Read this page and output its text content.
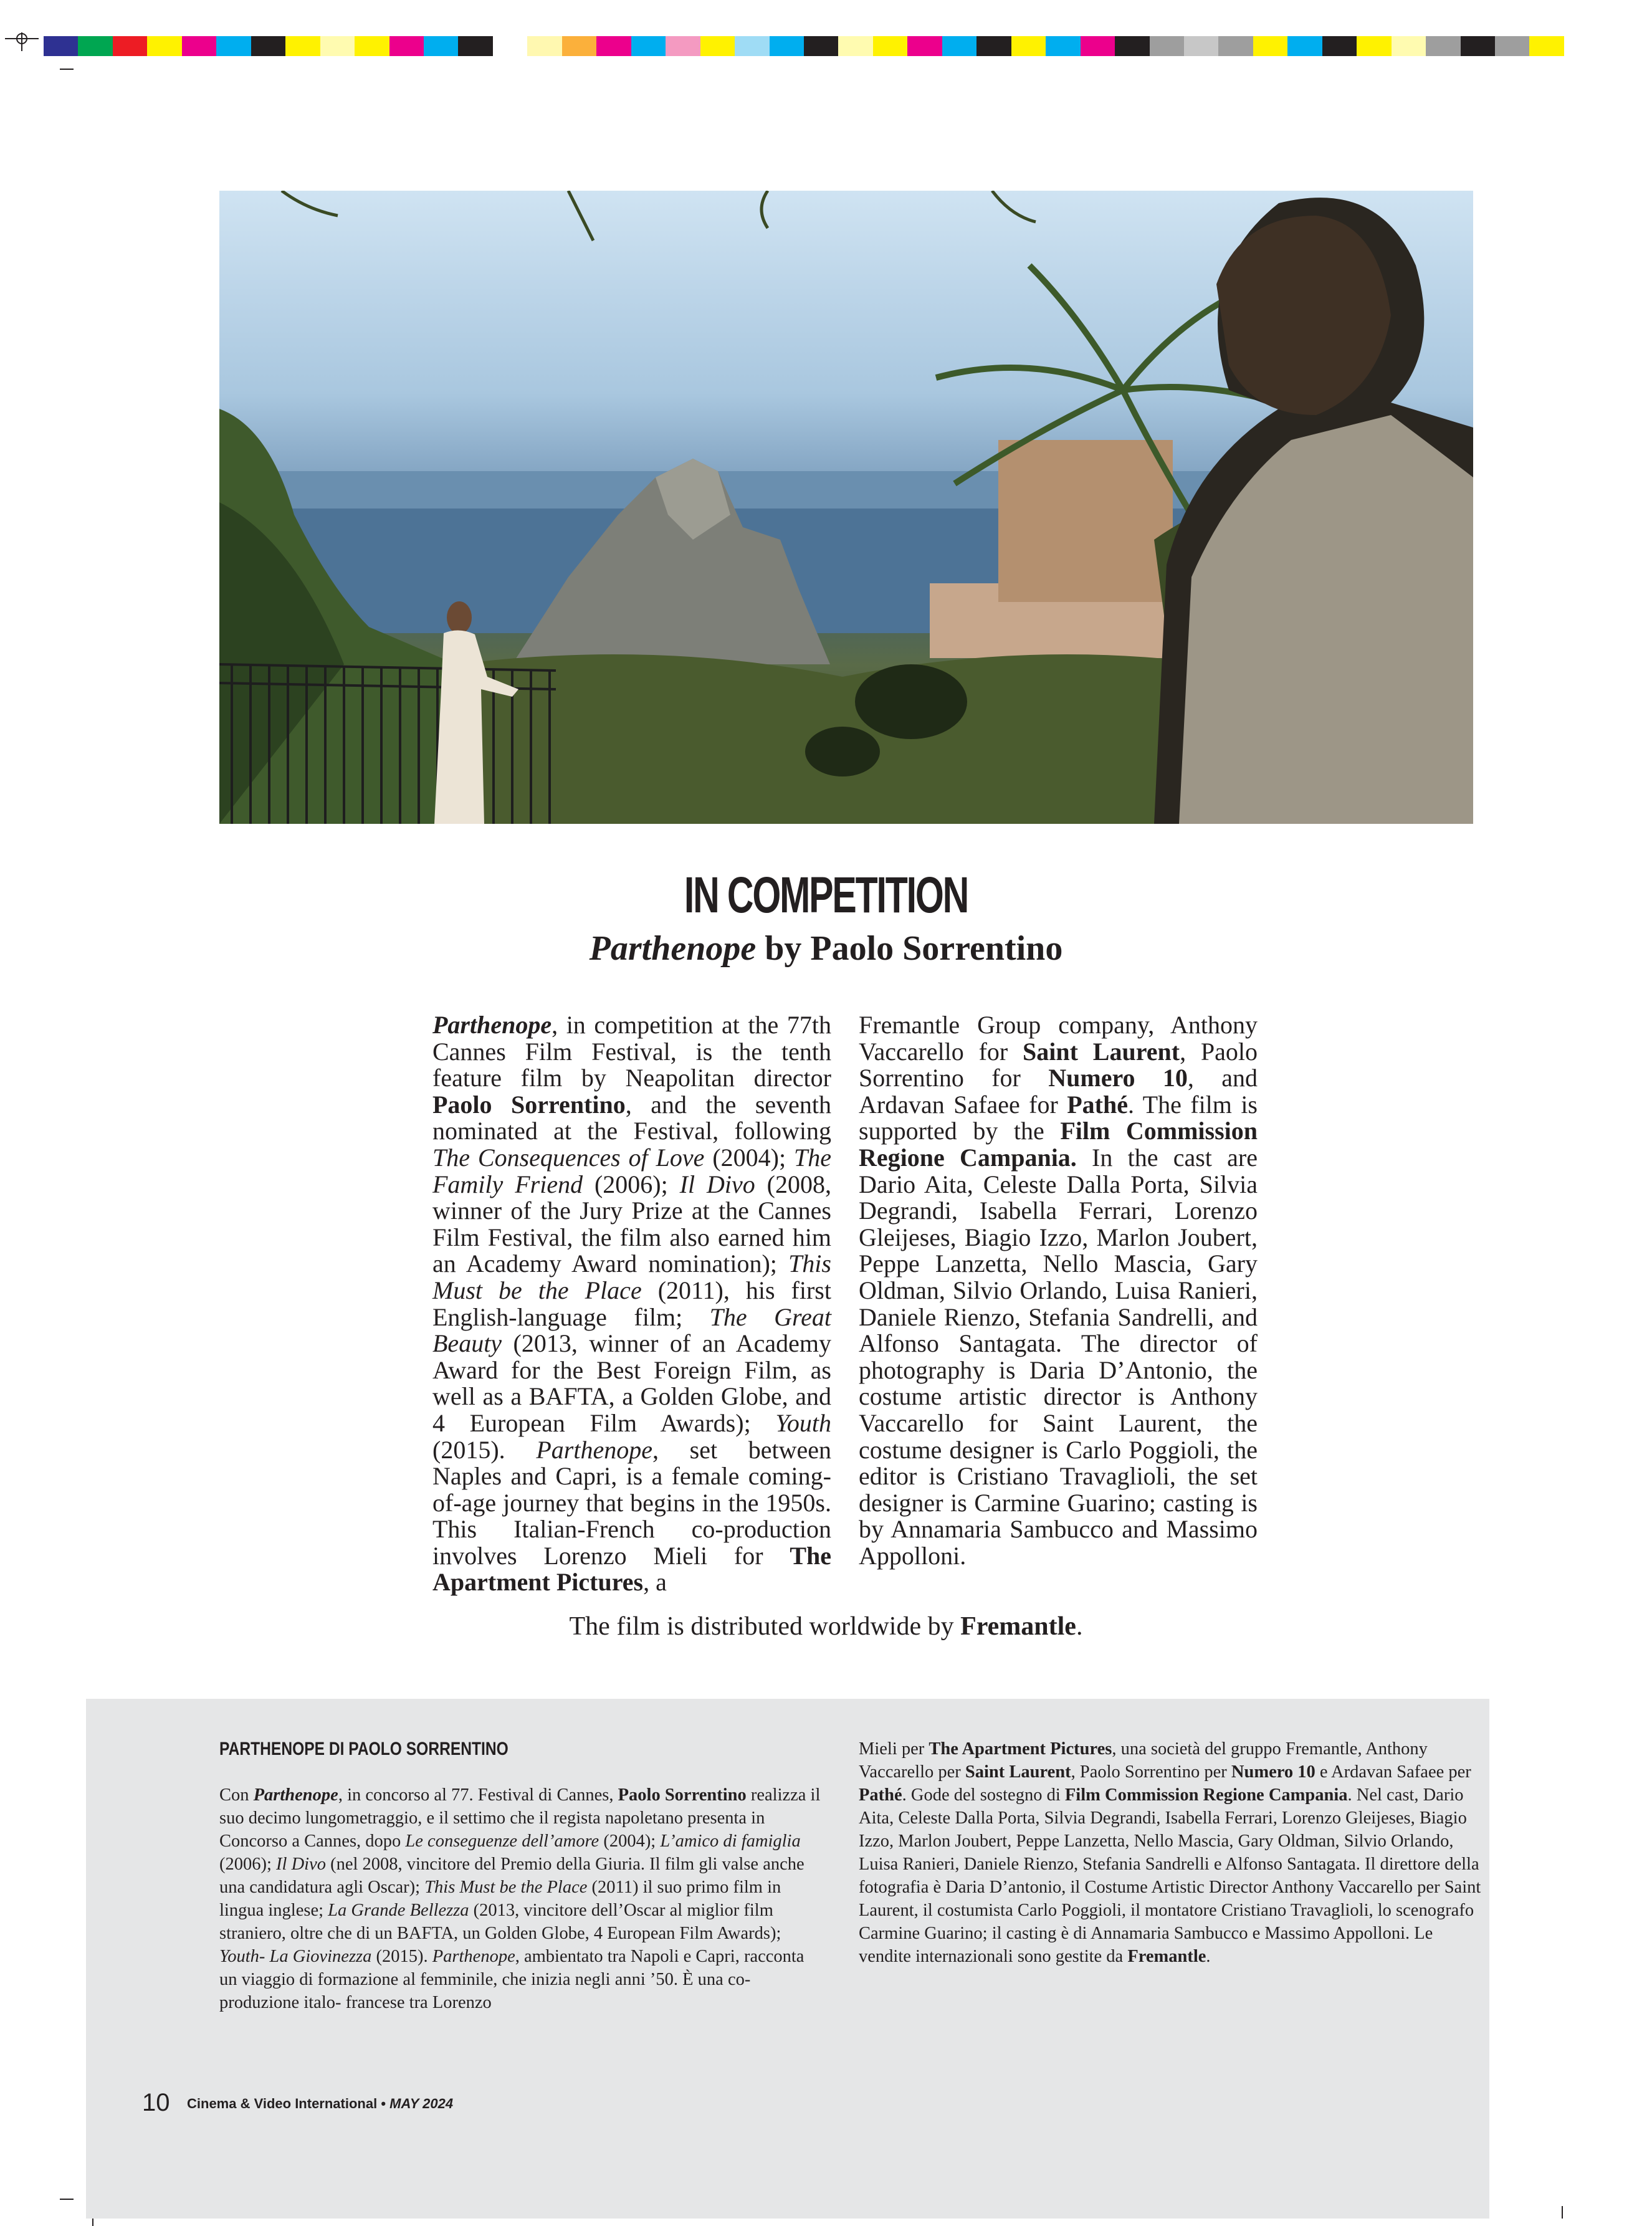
IN COMPETITION
Parthenope by Paolo Sorrentino
Parthenope, in competition at the 77th Cannes Film Festival, is the tenth feature film by Neapolitan director Paolo Sorrentino, and the seventh nominated at the Festival, following The Consequences of Love (2004); The Family Friend (2006); Il Divo (2008, winner of the Jury Prize at the Cannes Film Festival, the film also earned him an Academy Award nomination); This Must be the Place (2011), his first English-language film; The Great Beauty (2013, winner of an Academy Award for the Best Foreign Film, as well as a BAFTA, a Golden Globe, and 4 European Film Awards); Youth (2015). Parthenope, set between Naples and Capri, is a female coming-of-age journey that begins in the 1950s. This Italian-French co-production involves Lorenzo Mieli for The Apartment Pictures, a
Fremantle Group company, Anthony Vaccarello for Saint Laurent, Paolo Sorrentino for Numero 10, and Ardavan Safaee for Pathé. The film is supported by the Film Commission Regione Campania. In the cast are Dario Aita, Celeste Dalla Porta, Silvia Degrandi, Isabella Ferrari, Lorenzo Gleijeses, Biagio Izzo, Marlon Joubert, Peppe Lanzetta, Nello Mascia, Gary Oldman, Silvio Orlando, Luisa Ranieri, Daniele Rienzo, Stefania Sandrelli, and Alfonso Santagata. The director of photography is Daria D’Antonio, the costume artistic director is Anthony Vaccarello for Saint Laurent, the costume designer is Carlo Poggioli, the editor is Cristiano Travaglioli, the set designer is Carmine Guarino; casting is by Annamaria Sambucco and Massimo Appolloni.
The film is distributed worldwide by Fremantle.
PARTHENOPE DI PAOLO SORRENTINO
Con Parthenope, in concorso al 77. Festival di Cannes, Paolo Sorrentino realizza il suo decimo lungometraggio, e il settimo che il regista napoletano presenta in Concorso a Cannes, dopo Le conseguenze dell’amore (2004); L’amico di famiglia (2006); Il Divo (nel 2008, vincitore del Premio della Giuria. Il film gli valse anche una candidatura agli Oscar); This Must be the Place (2011) il suo primo film in lingua inglese; La Grande Bellezza (2013, vincitore dell’Oscar al miglior film straniero, oltre che di un BAFTA, un Golden Globe, 4 European Film Awards); Youth- La Giovinezza (2015). Parthenope, ambientato tra Napoli e Capri, racconta un viaggio di formazione al femminile, che inizia negli anni ’50. È una co-produzione italo- francese tra Lorenzo
Mieli per The Apartment Pictures, una società del gruppo Fremantle, Anthony Vaccarello per Saint Laurent, Paolo Sorrentino per Numero 10 e Ardavan Safaee per Pathé. Gode del sostegno di Film Commission Regione Campania. Nel cast, Dario Aita, Celeste Dalla Porta, Silvia Degrandi, Isabella Ferrari, Lorenzo Gleijeses, Biagio Izzo, Marlon Joubert, Peppe Lanzetta, Nello Mascia, Gary Oldman, Silvio Orlando, Luisa Ranieri, Daniele Rienzo, Stefania Sandrelli e Alfonso Santagata. Il direttore della fotografia è Daria D’antonio, il Costume Artistic Director Anthony Vaccarello per Saint Laurent, il costumista Carlo Poggioli, il montatore Cristiano Travaglioli, lo scenografo Carmine Guarino; il casting è di Annamaria Sambucco e Massimo Appolloni. Le vendite internazionali sono gestite da Fremantle.
10 Cinema & Video International • MAY 2024
